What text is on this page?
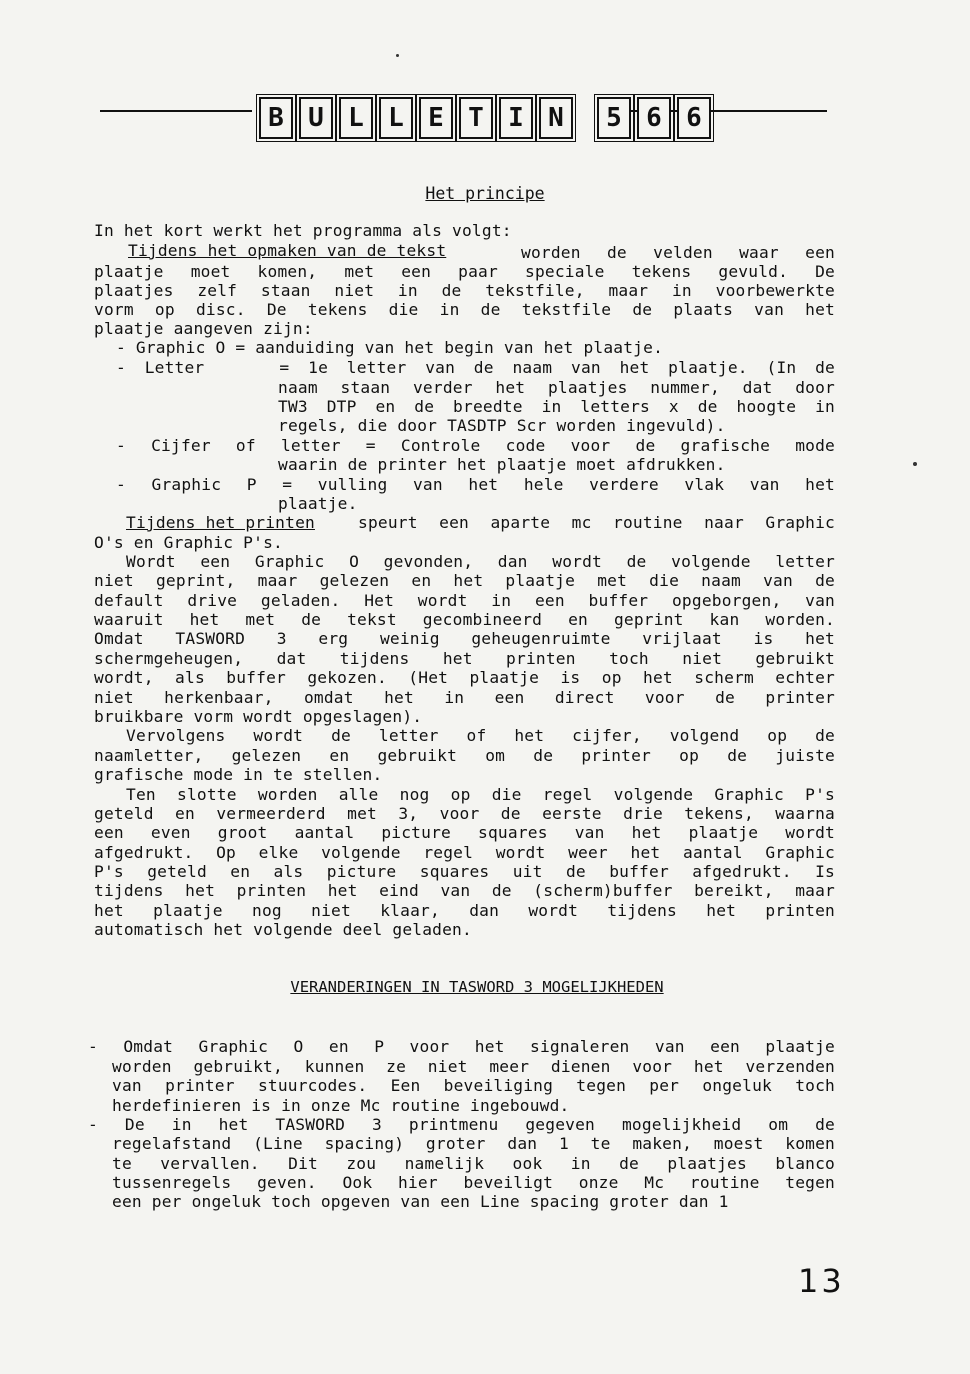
B U L L E T I N	5 6 6
Het principe
In het kort werkt het programma als volgt:
Tijdens het opmaken van de tekst	worden de velden waar een
plaatje moet komen, met een paar speciale tekens gevuld. De
plaatjes zelf staan niet in de tekstfile, maar in voorbewerkte
vorm op disc. De tekens die in de tekstfile de plaats van het
plaatje aangeven zijn:
- Graphic O = aanduiding van het begin van het plaatje.
- Letter    = 1e letter van de naam van het plaatje. (In de
naam staan verder het plaatjes nummer, dat door
TW3 DTP en de breedte in letters x de hoogte in
regels, die door TASDTP Scr worden ingevuld).
- Cijfer of letter = Controle code voor de grafische mode
waarin de printer het plaatje moet afdrukken.
- Graphic P = vulling van het hele verdere vlak van het
plaatje.
Tijdens het printen	speurt een aparte mc routine naar Graphic
O's en Graphic P's.
Wordt een Graphic O gevonden, dan wordt de volgende letter
niet geprint, maar gelezen en het plaatje met die naam van de
default drive geladen. Het wordt in een buffer opgeborgen, van
waaruit het met de tekst gecombineerd en geprint kan worden.
Omdat TASWORD 3 erg weinig geheugenruimte vrijlaat is het
schermgeheugen, dat tijdens het printen toch niet gebruikt
wordt, als buffer gekozen. (Het plaatje is op het scherm echter
niet herkenbaar, omdat het in een direct voor de printer
bruikbare vorm wordt opgeslagen).
Vervolgens wordt de letter of het cijfer, volgend op de
naamletter, gelezen en gebruikt om de printer op de juiste
grafische mode in te stellen.
Ten slotte worden alle nog op die regel volgende Graphic P's
geteld en vermeerderd met 3, voor de eerste drie tekens, waarna
een even groot aantal picture squares van het plaatje wordt
afgedrukt. Op elke volgende regel wordt weer het aantal Graphic
P's geteld en als picture squares uit de buffer afgedrukt. Is
tijdens het printen het eind van de (scherm)buffer bereikt, maar
het plaatje nog niet klaar, dan wordt tijdens het printen
automatisch het volgende deel geladen.
VERANDERINGEN IN TASWORD 3 MOGELIJKHEDEN
- Omdat Graphic O en P voor het signaleren van een plaatje
worden gebruikt, kunnen ze niet meer dienen voor het verzenden
van printer stuurcodes. Een beveiliging tegen per ongeluk toch
herdefinieren is in onze Mc routine ingebouwd.
- De in het TASWORD 3 printmenu gegeven mogelijkheid om de
regelafstand (Line spacing) groter dan 1 te maken, moest komen
te vervallen. Dit zou namelijk ook in de plaatjes blanco
tussenregels geven. Ook hier beveiligt onze Mc routine tegen
een per ongeluk toch opgeven van een Line spacing groter dan 1
13
